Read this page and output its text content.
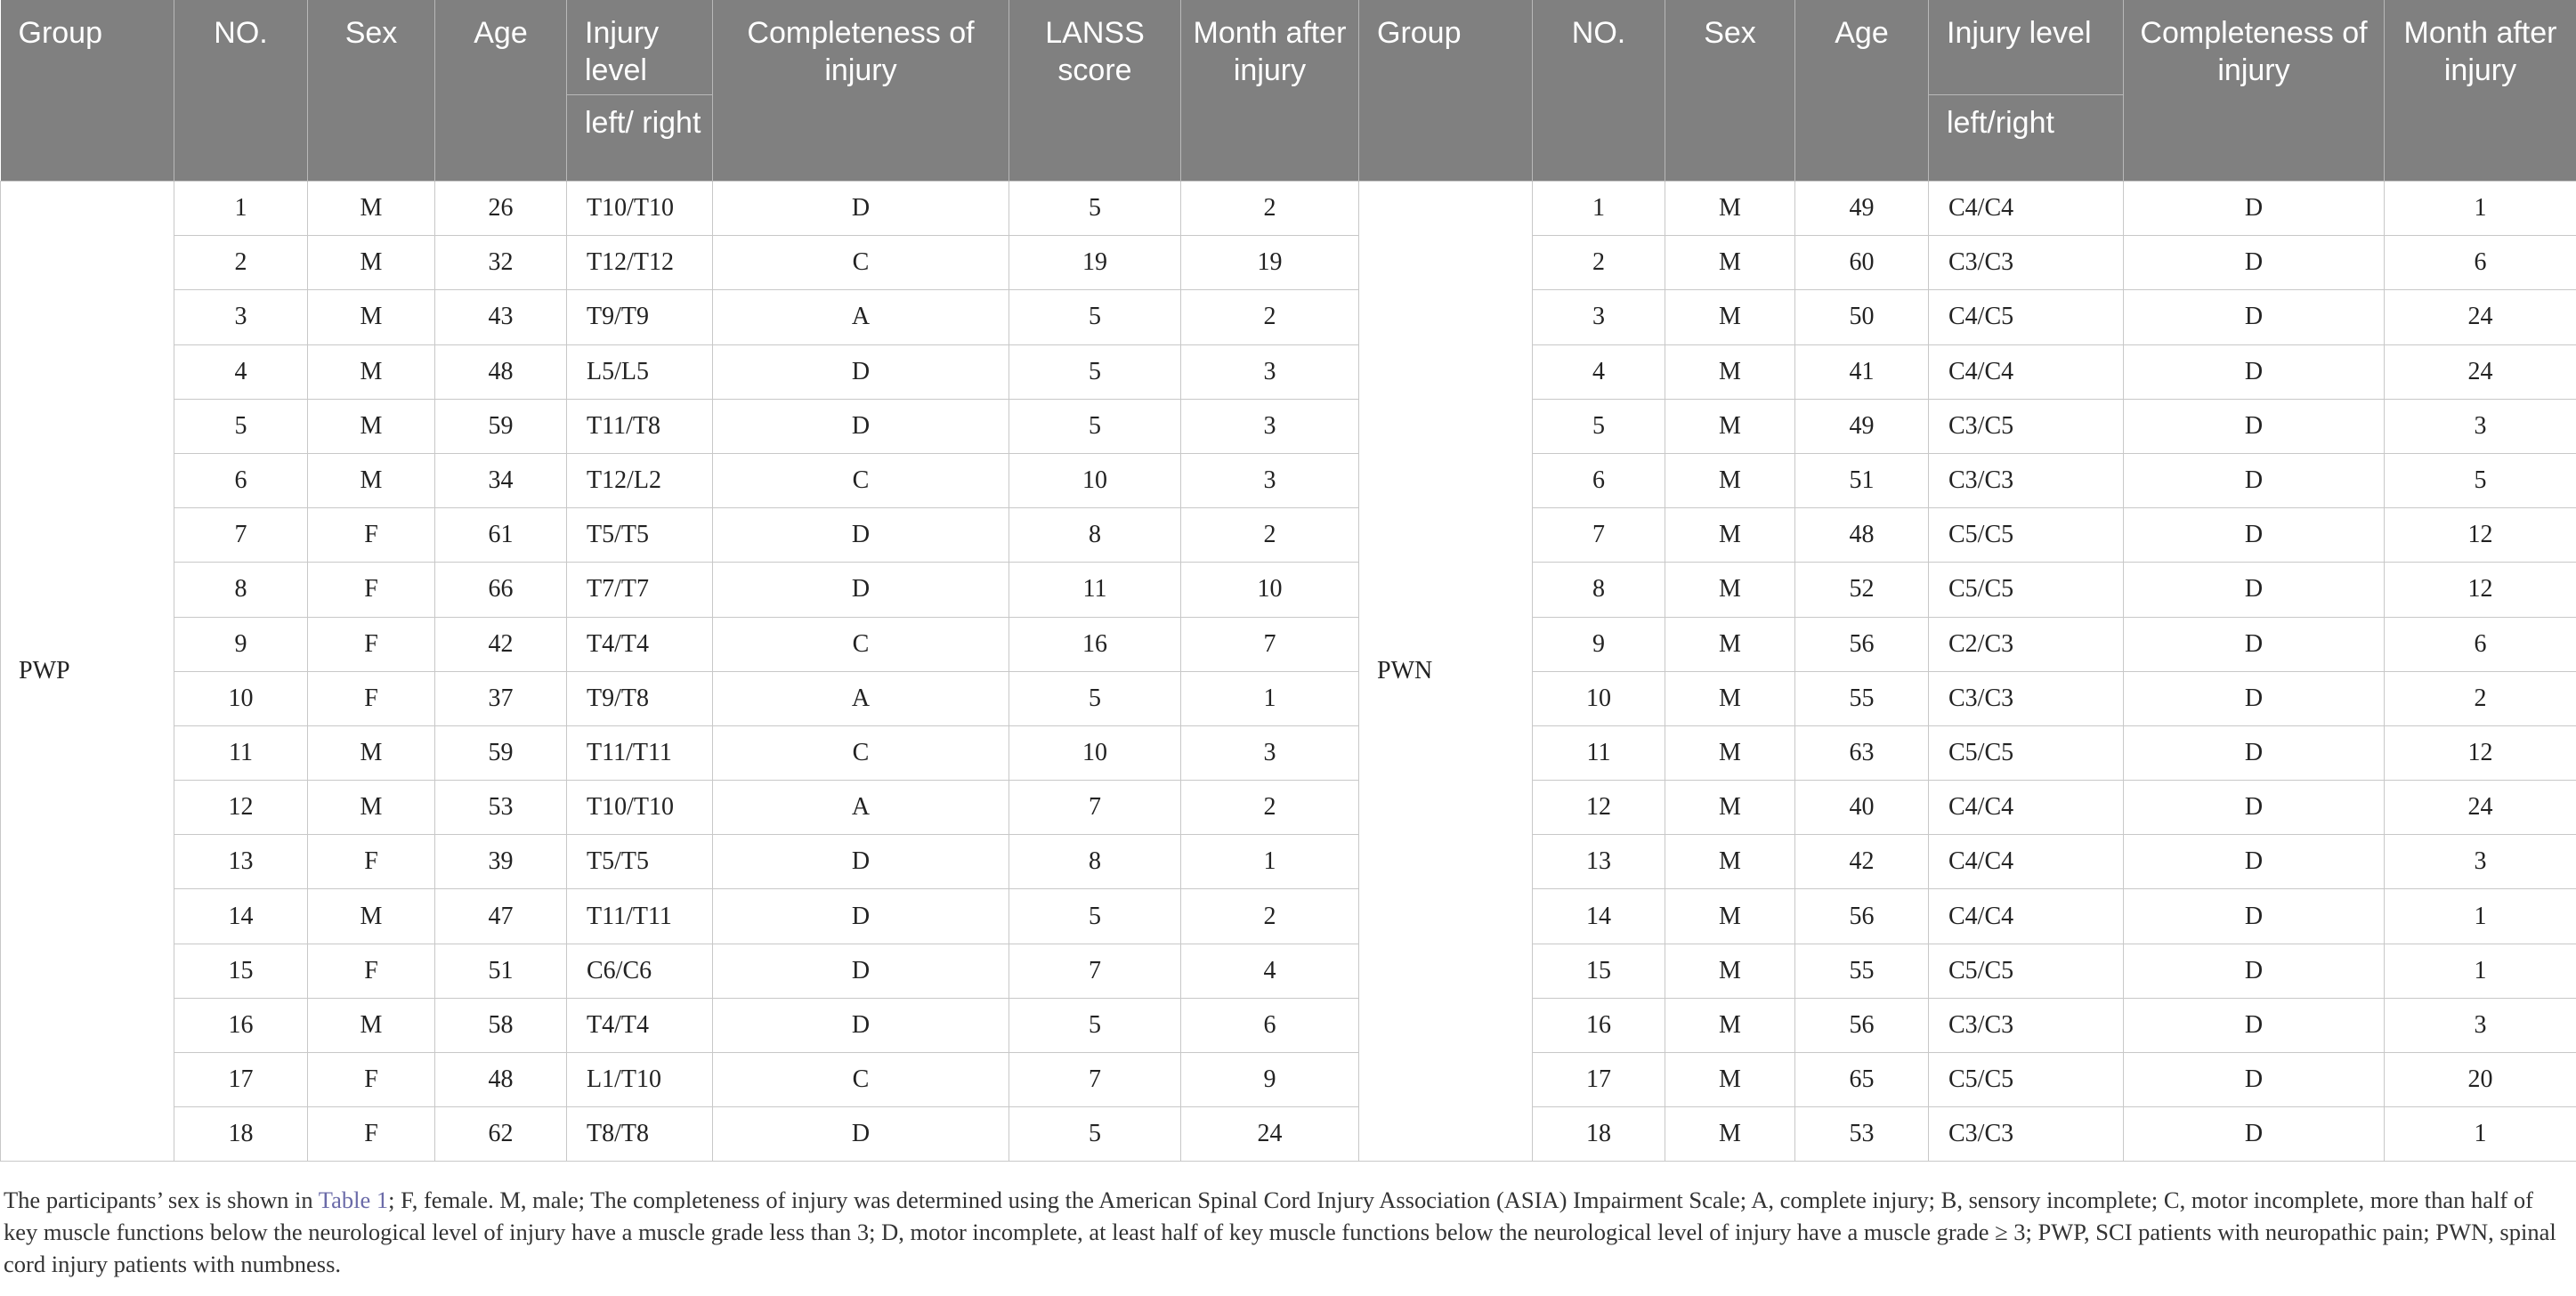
Group	NO.	Sex	Age	Injury level	Completeness of injury	LANSS score	Month after injury	Group	NO.	Sex	Age	Injury level	Completeness of injury	Month after injury
				left/ right								left/right		
PWP	1	M	26	T10/T10	D	5	2	PWN	1	M	49	C4/C4	D	1
	2	M	32	T12/T12	C	19	19		2	M	60	C3/C3	D	6
	3	M	43	T9/T9	A	5	2		3	M	50	C4/C5	D	24
	4	M	48	L5/L5	D	5	3		4	M	41	C4/C4	D	24
	5	M	59	T11/T8	D	5	3		5	M	49	C3/C5	D	3
	6	M	34	T12/L2	C	10	3		6	M	51	C3/C3	D	5
	7	F	61	T5/T5	D	8	2		7	M	48	C5/C5	D	12
	8	F	66	T7/T7	D	11	10		8	M	52	C5/C5	D	12
	9	F	42	T4/T4	C	16	7		9	M	56	C2/C3	D	6
	10	F	37	T9/T8	A	5	1		10	M	55	C3/C3	D	2
	11	M	59	T11/T11	C	10	3		11	M	63	C5/C5	D	12
	12	M	53	T10/T10	A	7	2		12	M	40	C4/C4	D	24
	13	F	39	T5/T5	D	8	1		13	M	42	C4/C4	D	3
	14	M	47	T11/T11	D	5	2		14	M	56	C4/C4	D	1
	15	F	51	C6/C6	D	7	4		15	M	55	C5/C5	D	1
	16	M	58	T4/T4	D	5	6		16	M	56	C3/C3	D	3
	17	F	48	L1/T10	C	7	9		17	M	65	C5/C5	D	20
	18	F	62	T8/T8	D	5	24		18	M	53	C3/C3	D	1

The participants’ sex is shown in Table 1; F, female. M, male; The completeness of injury was determined using the American Spinal Cord Injury Association (ASIA) Impairment Scale; A, complete injury; B, sensory incomplete; C, motor incomplete, more than half of key muscle functions below the neurological level of injury have a muscle grade less than 3; D, motor incomplete, at least half of key muscle functions below the neurological level of injury have a muscle grade ≥ 3; PWP, SCI patients with neuropathic pain; PWN, spinal cord injury patients with numbness.
